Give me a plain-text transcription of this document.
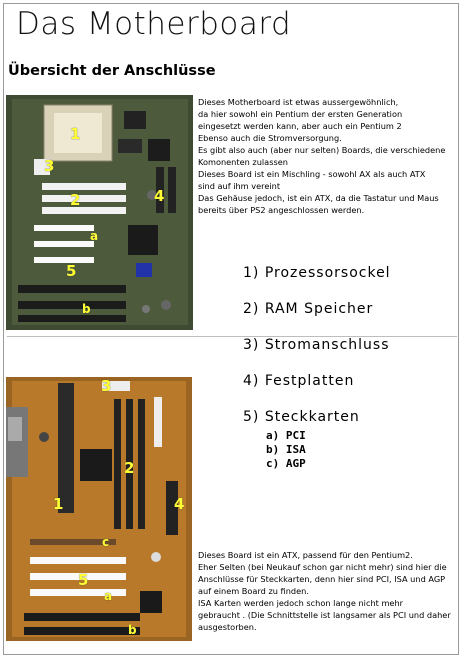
Das Motherboard
Übersicht der Anschlüsse
1
3
2	4
a
5
b
Dieses Motherboard ist etwas aussergewöhnlich,
da hier sowohl ein Pentium der ersten Generation
eingesetzt werden kann, aber auch ein Pentium 2
Ebenso auch die Stromversorgung.
Es gibt also auch (aber nur selten) Boards, die verschiedene
Komonenten zulassen
Dieses Board ist ein Mischling - sowohl AX als auch ATX
sind auf ihm vereint
Das Gehäuse jedoch, ist ein ATX, da die Tastatur und Maus
bereits über PS2 angeschlossen werden.
1) Prozessorsockel
2) RAM Speicher
3) Stromanschluss
4) Festplatten
5) Steckkarten
a) PCI
b) ISA
c) AGP
3
2
1	4
c
5
a
b
Dieses Board ist ein ATX, passend für den Pentium2.
Eher Selten (bei Neukauf schon gar nicht mehr) sind hier die
Anschlüsse für Steckkarten, denn hier sind PCI, ISA und AGP
auf einem Board zu finden.
ISA Karten werden jedoch schon lange nicht mehr
gebraucht . (Die Schnittstelle ist langsamer als PCI und daher
ausgestorben.
